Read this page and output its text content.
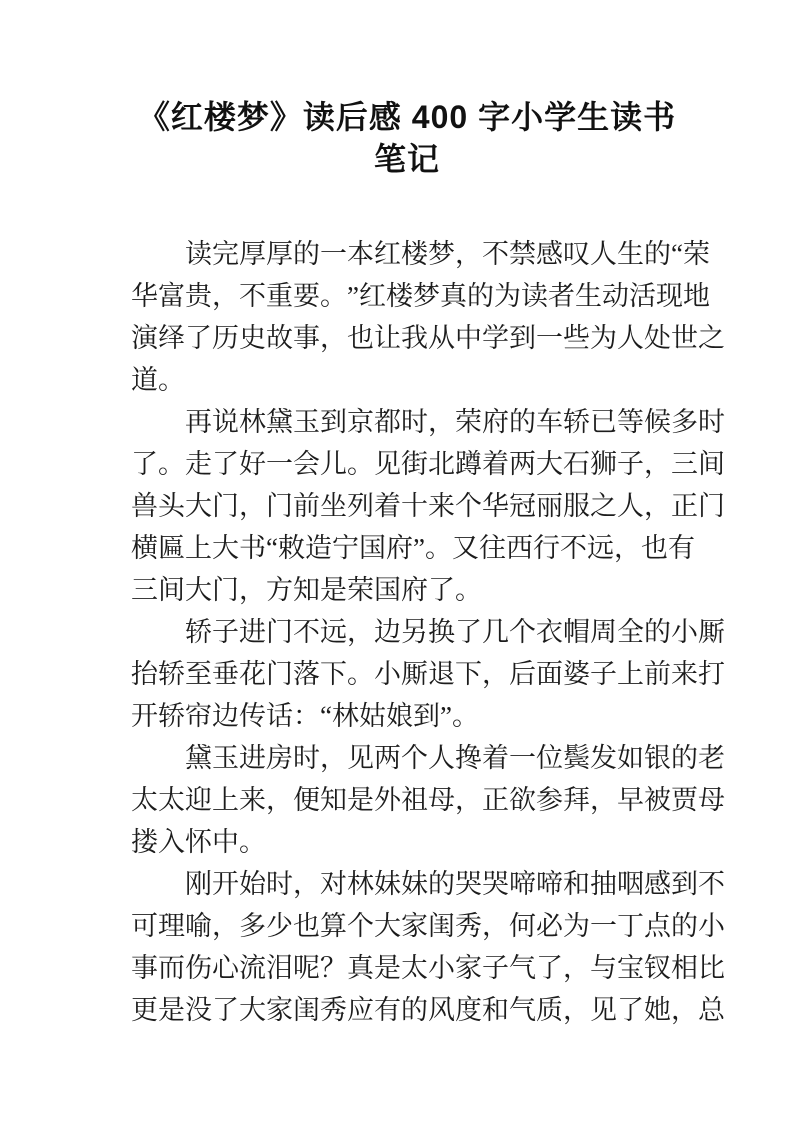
《红楼梦》读后感 400 字小学生读书
笔记
读 完 厚 厚 的 一 本 红 楼 梦 ， 不 禁 感 叹 人 生 的 “ 荣
华 富 贵 ， 不 重 要 。 ” 红 楼 梦 真 的 为 读 者 生 动 活 现 地
演 绎 了 历 史 故 事 ， 也 让 我 从 中 学 到 一 些 为 人 处 世 之
道。
再 说 林 黛 玉 到 京 都 时 ， 荣 府 的 车 轿 已 等 候 多 时
了 。 走 了 好 一 会 儿 。 见 街 北 蹲 着 两 大 石 狮 子 ， 三 间
兽 头 大 门 ， 门 前 坐 列 着 十 来 个 华 冠 丽 服 之 人 ， 正 门
横 匾 上 大 书 “ 敕 造 宁 国 府 ” 。 又 往 西 行 不 远 ， 也 有
三间大门，方知是荣国府了。
轿 子 进 门 不 远 ， 边 另 换 了 几 个 衣 帽 周 全 的 小 厮
抬 轿 至 垂 花 门 落 下 。 小 厮 退 下 ， 后 面 婆 子 上 前 来 打
开轿帘边传话：“林姑娘到”。
黛 玉 进 房 时 ， 见 两 个 人 搀 着 一 位 鬓 发 如 银 的 老
太 太 迎 上 来 ， 便 知 是 外 祖 母 ， 正 欲 参 拜 ， 早 被 贾 母
搂入怀中。
刚 开 始 时 ， 对 林 妹 妹 的 哭 哭 啼 啼 和 抽 咽 感 到 不
可 理 喻 ， 多 少 也 算 个 大 家 闺 秀 ， 何 必 为 一 丁 点 的 小
事 而 伤 心 流 泪 呢 ？ 真 是 太 小 家 子 气 了 ， 与 宝 钗 相 比
更 是 没 了 大 家 闺 秀 应 有 的 风 度 和 气 质 ， 见 了 她 ， 总
